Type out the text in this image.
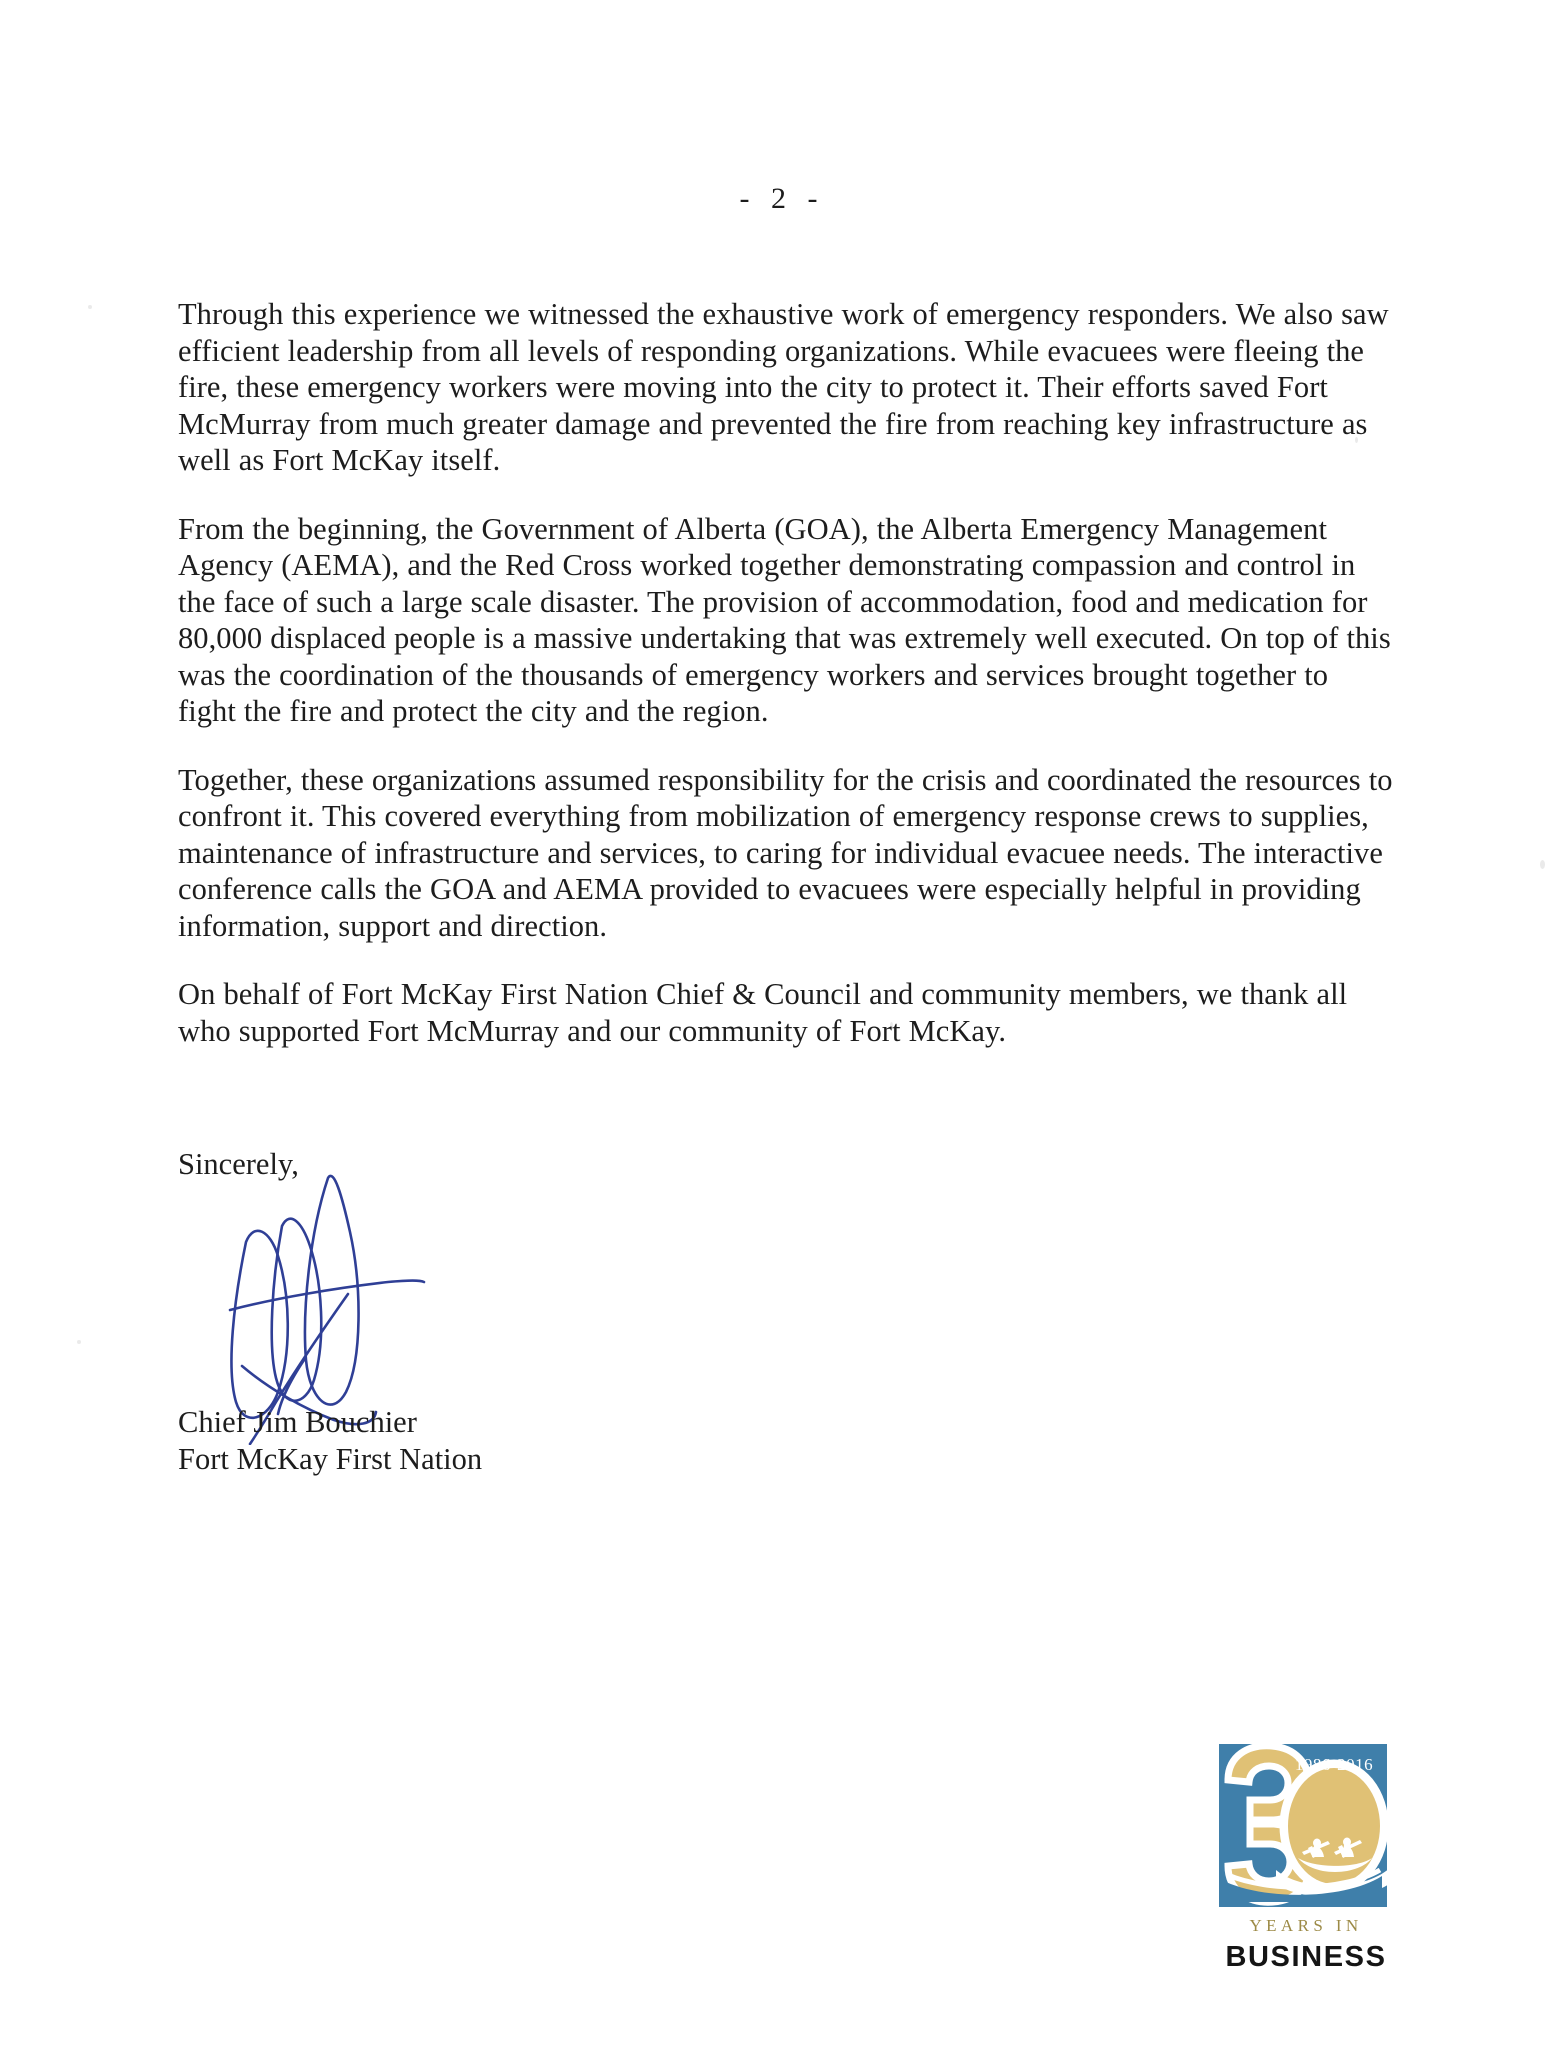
- 2 -

Through this experience we witnessed the exhaustive work of emergency responders. We also saw efficient leadership from all levels of responding organizations. While evacuees were fleeing the fire, these emergency workers were moving into the city to protect it. Their efforts saved Fort McMurray from much greater damage and prevented the fire from reaching key infrastructure as well as Fort McKay itself.

From the beginning, the Government of Alberta (GOA), the Alberta Emergency Management Agency (AEMA), and the Red Cross worked together demonstrating compassion and control in the face of such a large scale disaster. The provision of accommodation, food and medication for 80,000 displaced people is a massive undertaking that was extremely well executed. On top of this was the coordination of the thousands of emergency workers and services brought together to fight the fire and protect the city and the region.

Together, these organizations assumed responsibility for the crisis and coordinated the resources to confront it. This covered everything from mobilization of emergency response crews to supplies, maintenance of infrastructure and services, to caring for individual evacuee needs. The interactive conference calls the GOA and AEMA provided to evacuees were especially helpful in providing information, support and direction.

On behalf of Fort McKay First Nation Chief & Council and community members, we thank all who supported Fort McMurray and our community of Fort McKay.

Sincerely,
Chief Jim Bouchier
Fort McKay First Nation
1986-2016
YEARS IN
BUSINESS
